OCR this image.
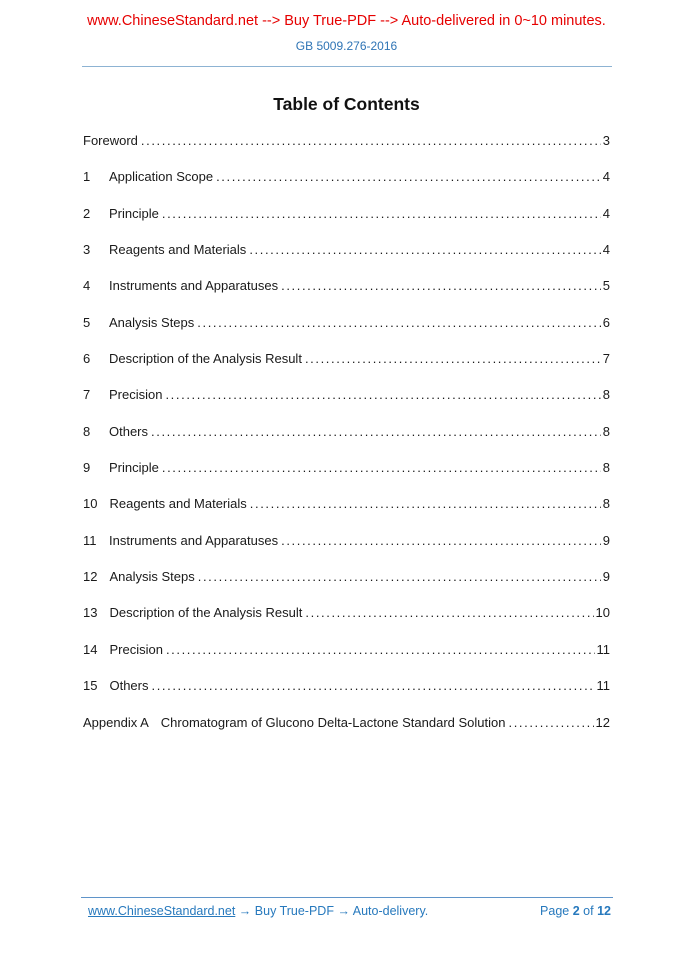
www.ChineseStandard.net --> Buy True-PDF --> Auto-delivered in 0~10 minutes.
GB 5009.276-2016
Table of Contents
Foreword .....	3
1	Application Scope .....	4
2	Principle .....	4
3	Reagents and Materials .....	4
4	Instruments and Apparatuses .....	5
5	Analysis Steps .....	6
6	Description of the Analysis Result .....	7
7	Precision .....	8
8	Others .....	8
9	Principle .....	8
10 Reagents and Materials .....	8
11 Instruments and Apparatuses .....	9
12 Analysis Steps .....	9
13 Description of the Analysis Result .....	10
14 Precision .....	11
15 Others .....	11
Appendix A Chromatogram of Glucono Delta-Lactone Standard Solution .....	12
www.ChineseStandard.net → Buy True-PDF → Auto-delivery.	Page 2 of 12
